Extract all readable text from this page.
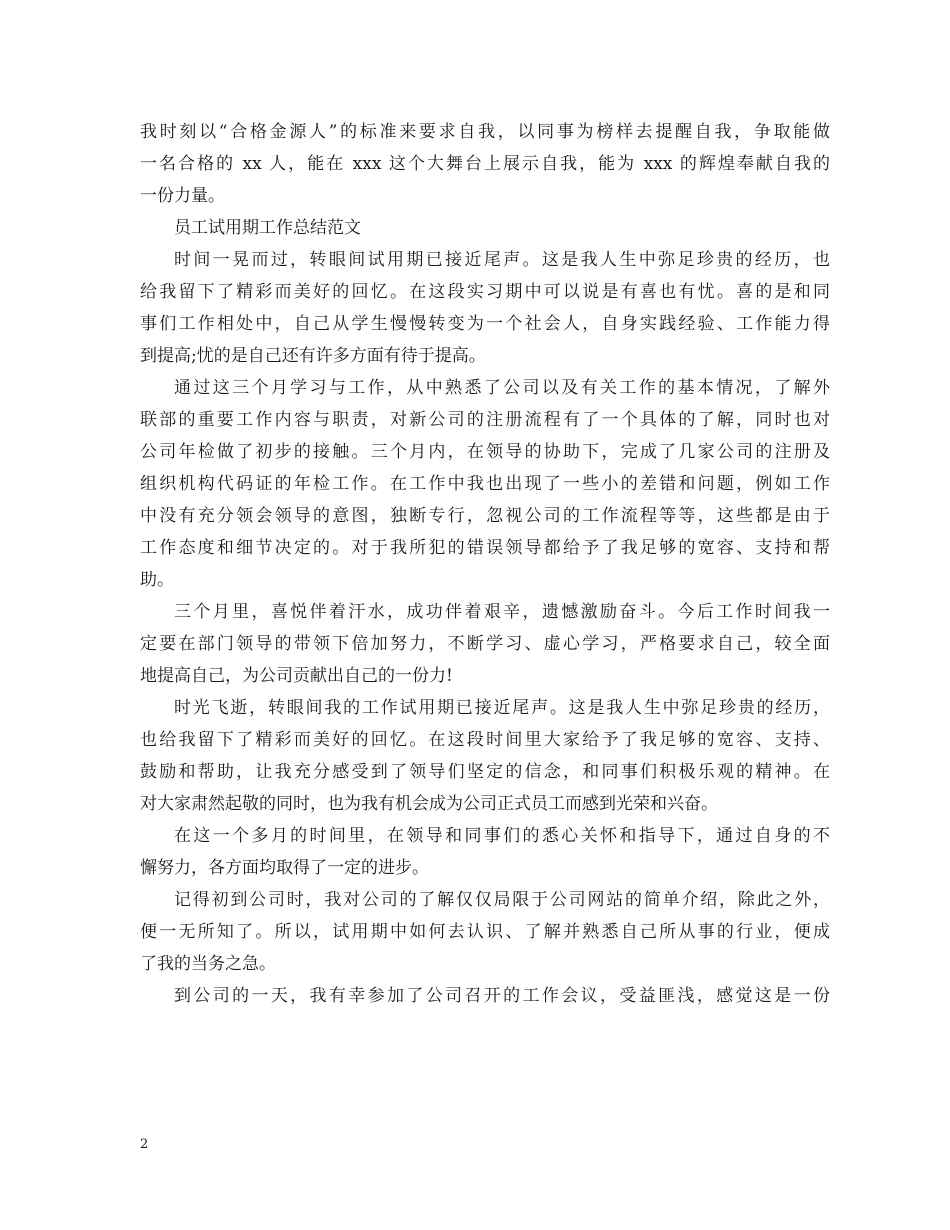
我时刻以“合格金源人”的标准来要求自我，以同事为榜样去提醒自我，争取能做
一名合格的 xx 人，能在 xxx 这个大舞台上展示自我，能为 xxx 的辉煌奉献自我的
一份力量。
员工试用期工作总结范文
时间一晃而过，转眼间试用期已接近尾声。这是我人生中弥足珍贵的经历，也
给我留下了精彩而美好的回忆。在这段实习期中可以说是有喜也有忧。喜的是和同
事们工作相处中，自己从学生慢慢转变为一个社会人，自身实践经验、工作能力得
到提高;忧的是自己还有许多方面有待于提高。
通过这三个月学习与工作，从中熟悉了公司以及有关工作的基本情况，了解外
联部的重要工作内容与职责，对新公司的注册流程有了一个具体的了解，同时也对
公司年检做了初步的接触。三个月内，在领导的协助下，完成了几家公司的注册及
组织机构代码证的年检工作。在工作中我也出现了一些小的差错和问题，例如工作
中没有充分领会领导的意图，独断专行，忽视公司的工作流程等等，这些都是由于
工作态度和细节决定的。对于我所犯的错误领导都给予了我足够的宽容、支持和帮
助。
三个月里，喜悦伴着汗水，成功伴着艰辛，遗憾激励奋斗。今后工作时间我一
定要在部门领导的带领下倍加努力，不断学习、虚心学习，严格要求自己，较全面
地提高自己，为公司贡献出自己的一份力!
时光飞逝，转眼间我的工作试用期已接近尾声。这是我人生中弥足珍贵的经历，
也给我留下了精彩而美好的回忆。在这段时间里大家给予了我足够的宽容、支持、
鼓励和帮助，让我充分感受到了领导们坚定的信念，和同事们积极乐观的精神。在
对大家肃然起敬的同时，也为我有机会成为公司正式员工而感到光荣和兴奋。
在这一个多月的时间里，在领导和同事们的悉心关怀和指导下，通过自身的不
懈努力，各方面均取得了一定的进步。
记得初到公司时，我对公司的了解仅仅局限于公司网站的简单介绍，除此之外，
便一无所知了。所以，试用期中如何去认识、了解并熟悉自己所从事的行业，便成
了我的当务之急。
到公司的一天，我有幸参加了公司召开的工作会议，受益匪浅，感觉这是一份
2
